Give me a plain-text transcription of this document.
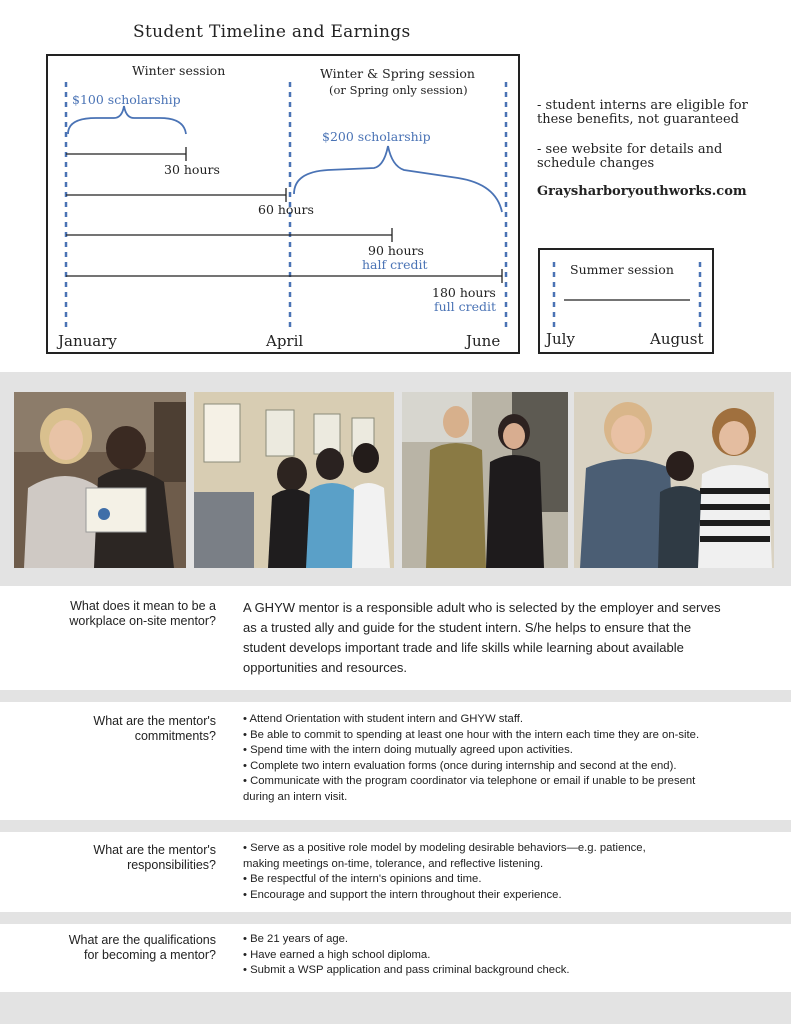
Student Timeline and Earnings
Winter session	Winter & Spring session
(or Spring only session)
$100 scholarship
$200 scholarship
30 hours
60 hours
90 hours
half credit
180 hours
full credit
January	April	June
Summer session
July	August
- student interns are eligible for
these benefits, not guaranteed
- see website for details and
schedule changes
Graysharboryouthworks.com
What does it mean to be a
workplace on-site mentor?
A GHYW mentor is a responsible adult who is selected by the employer and serves
as a trusted ally and guide for the student intern. S/he helps to ensure that the
student develops important trade and life skills while learning about available
opportunities and resources.
What are the mentor's
commitments?
• Attend Orientation with student intern and GHYW staff.
• Be able to commit to spending at least one hour with the intern each time they are on-site.
• Spend time with the intern doing mutually agreed upon activities.
• Complete two intern evaluation forms (once during internship and second at the end).
• Communicate with the program coordinator via telephone or email if unable to be present
during an intern visit.
What are the mentor's
responsibilities?
• Serve as a positive role model by modeling desirable behaviors—e.g. patience,
making meetings on-time, tolerance, and reflective listening.
• Be respectful of the intern's opinions and time.
• Encourage and support the intern throughout their experience.
What are the qualifications
for becoming a mentor?
• Be 21 years of age.
• Have earned a high school diploma.
• Submit a WSP application and pass criminal background check.
